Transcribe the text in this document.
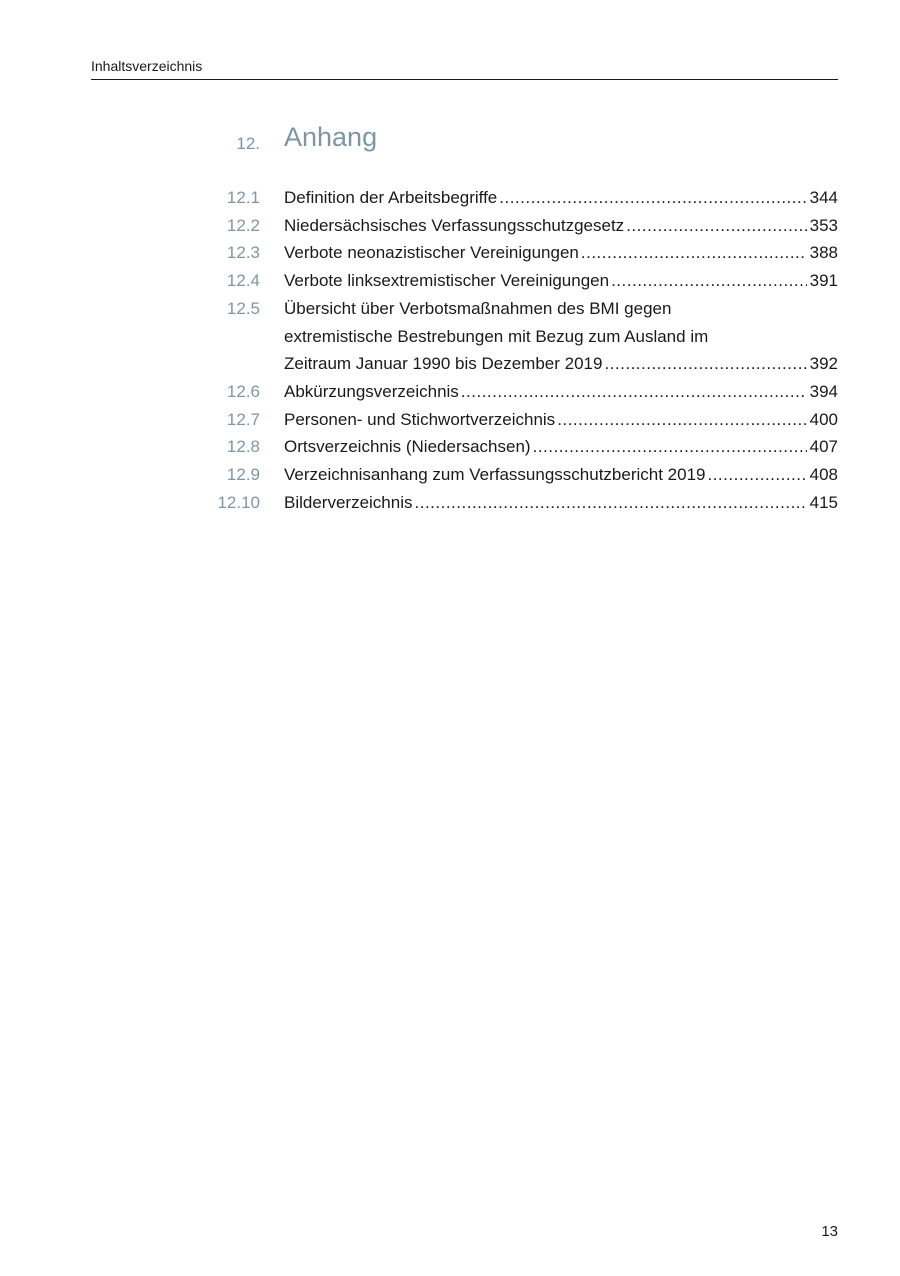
Inhaltsverzeichnis
12. Anhang
12.1 Definition der Arbeitsbegriffe .....	344
12.2 Niedersächsisches Verfassungsschutzgesetz .....	353
12.3 Verbote neonazistischer Vereinigungen .....	388
12.4 Verbote linksextremistischer Vereinigungen .....	391
12.5 Übersicht über Verbotsmaßnahmen des BMI gegen
extremistische Bestrebungen mit Bezug zum Ausland im
Zeitraum Januar 1990 bis Dezember 2019 .....	392
12.6 Abkürzungsverzeichnis .....	394
12.7 Personen- und Stichwortverzeichnis .....	400
12.8 Ortsverzeichnis (Niedersachsen) .....	407
12.9 Verzeichnisanhang zum Verfassungsschutzbericht 2019 .....	408
12.10 Bilderverzeichnis .....	415
13
